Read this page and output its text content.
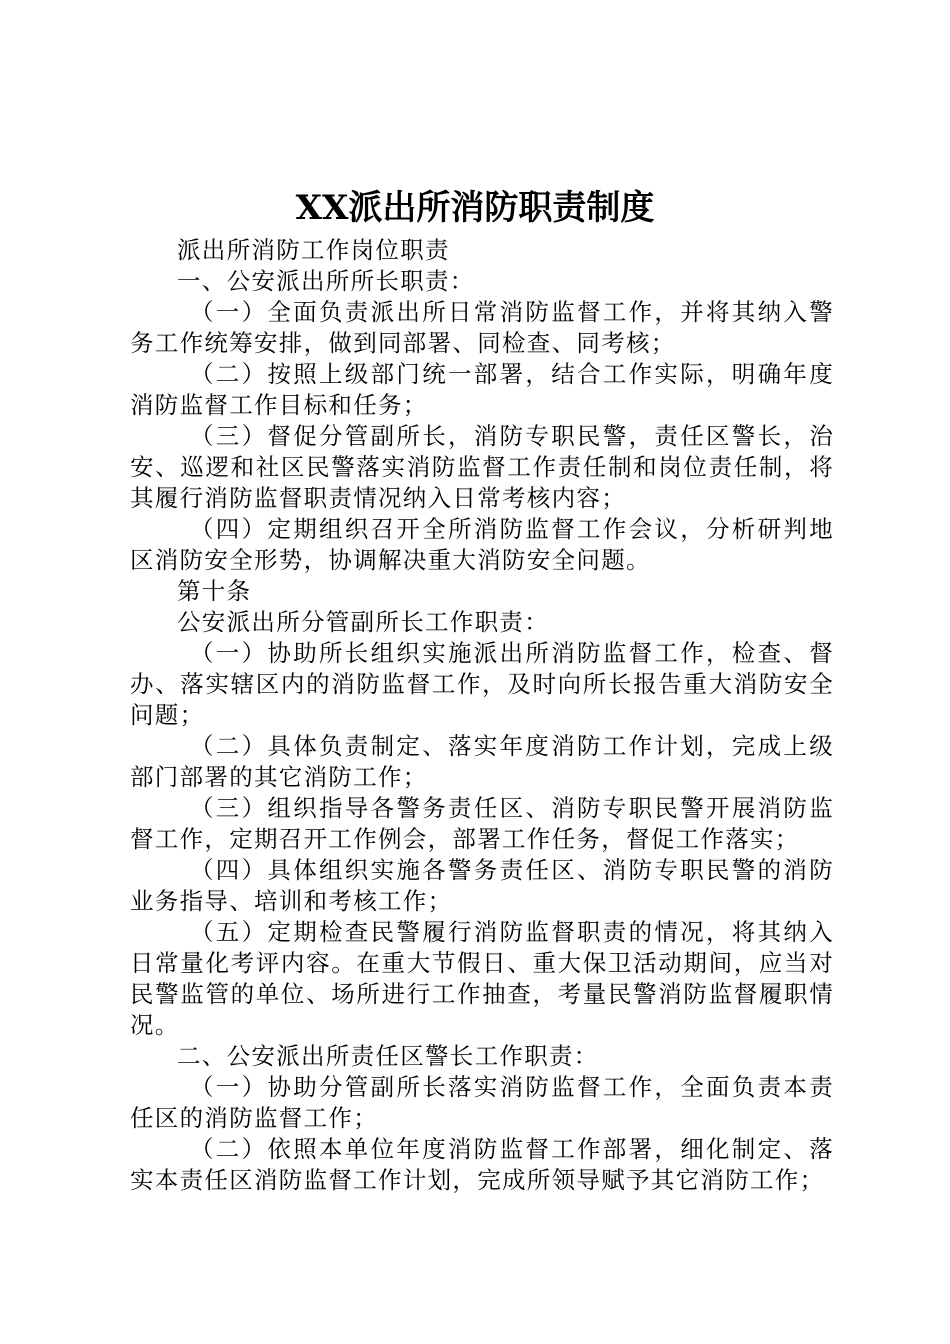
XX派出所消防职责制度

派出所消防工作岗位职责

一、公安派出所所长职责：

（一）全面负责派出所日常消防监督工作，并将其纳入警务工作统筹安排，做到同部署、同检查、同考核；

（二）按照上级部门统一部署，结合工作实际，明确年度消防监督工作目标和任务；

（三）督促分管副所长，消防专职民警，责任区警长，治安、巡逻和社区民警落实消防监督工作责任制和岗位责任制，将其履行消防监督职责情况纳入日常考核内容；

（四）定期组织召开全所消防监督工作会议，分析研判地区消防安全形势，协调解决重大消防安全问题。

第十条

公安派出所分管副所长工作职责：

（一）协助所长组织实施派出所消防监督工作，检查、督办、落实辖区内的消防监督工作，及时向所长报告重大消防安全问题；

（二）具体负责制定、落实年度消防工作计划，完成上级部门部署的其它消防工作；

（三）组织指导各警务责任区、消防专职民警开展消防监督工作，定期召开工作例会，部署工作任务，督促工作落实；

（四）具体组织实施各警务责任区、消防专职民警的消防业务指导、培训和考核工作；

（五）定期检查民警履行消防监督职责的情况，将其纳入日常量化考评内容。在重大节假日、重大保卫活动期间，应当对民警监管的单位、场所进行工作抽查，考量民警消防监督履职情况。

二、公安派出所责任区警长工作职责：

（一）协助分管副所长落实消防监督工作，全面负责本责任区的消防监督工作；

（二）依照本单位年度消防监督工作部署，细化制定、落实本责任区消防监督工作计划，完成所领导赋予其它消防工作；
